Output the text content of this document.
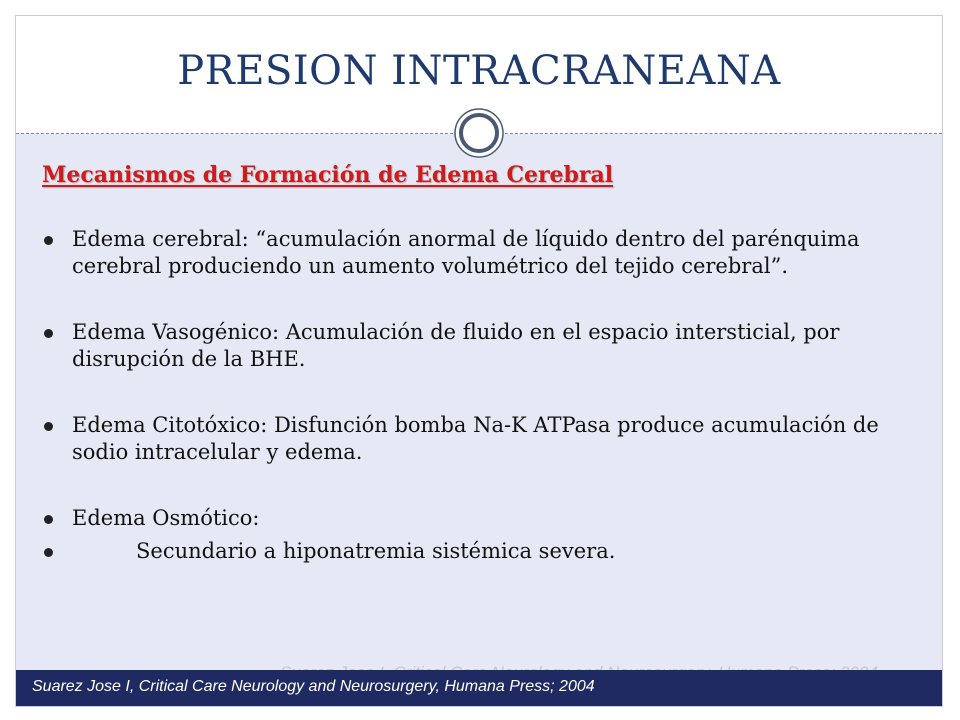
PRESION INTRACRANEANA
Mecanismos de Formación de Edema Cerebral
Edema cerebral: “acumulación anormal de líquido dentro del parénquima cerebral produciendo un aumento volumétrico del tejido cerebral”.
Edema Vasogénico: Acumulación de fluido en el espacio intersticial, por disrupción de la BHE.
Edema Citotóxico: Disfunción bomba Na-K ATPasa produce acumulación de sodio intracelular y edema.
Edema Osmótico:
Secundario a hiponatremia sistémica severa.
Suarez Jose I, Critical Care Neurology and Neurosurgery, Humana Press; 2004
